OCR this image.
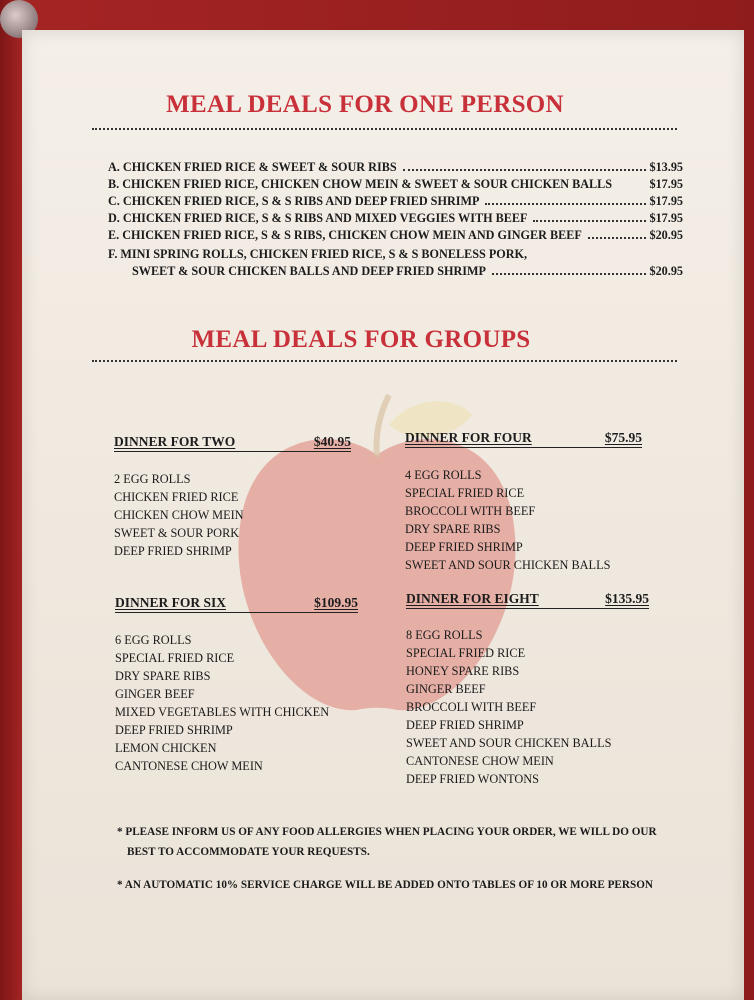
MEAL DEALS FOR ONE PERSON
A. CHICKEN FRIED RICE & SWEET & SOUR RIBS	$13.95
B. CHICKEN FRIED RICE, CHICKEN CHOW MEIN & SWEET & SOUR CHICKEN BALLS	$17.95
C. CHICKEN FRIED RICE, S & S RIBS AND DEEP FRIED SHRIMP	$17.95
D. CHICKEN FRIED RICE, S & S RIBS AND MIXED VEGGIES WITH BEEF	$17.95
E. CHICKEN FRIED RICE, S & S RIBS, CHICKEN CHOW MEIN AND GINGER BEEF	$20.95
F. MINI SPRING ROLLS, CHICKEN FRIED RICE, S & S BONELESS PORK,
SWEET & SOUR CHICKEN BALLS AND DEEP FRIED SHRIMP	$20.95
MEAL DEALS FOR GROUPS
DINNER FOR TWO	$40.95
2 EGG ROLLS
CHICKEN FRIED RICE
CHICKEN CHOW MEIN
SWEET & SOUR PORK
DEEP FRIED SHRIMP
DINNER FOR FOUR	$75.95
4 EGG ROLLS
SPECIAL FRIED RICE
BROCCOLI WITH BEEF
DRY SPARE RIBS
DEEP FRIED SHRIMP
SWEET AND SOUR CHICKEN BALLS
DINNER FOR SIX	$109.95
6 EGG ROLLS
SPECIAL FRIED RICE
DRY SPARE RIBS
GINGER BEEF
MIXED VEGETABLES WITH CHICKEN
DEEP FRIED SHRIMP
LEMON CHICKEN
CANTONESE CHOW MEIN
DINNER FOR EIGHT	$135.95
8 EGG ROLLS
SPECIAL FRIED RICE
HONEY SPARE RIBS
GINGER BEEF
BROCCOLI WITH BEEF
DEEP FRIED SHRIMP
SWEET AND SOUR CHICKEN BALLS
CANTONESE CHOW MEIN
DEEP FRIED WONTONS
* PLEASE INFORM US OF ANY FOOD ALLERGIES WHEN PLACING YOUR ORDER, WE WILL DO OUR
BEST TO ACCOMMODATE YOUR REQUESTS.
* AN AUTOMATIC 10% SERVICE CHARGE WILL BE ADDED ONTO TABLES OF 10 OR MORE PERSON
